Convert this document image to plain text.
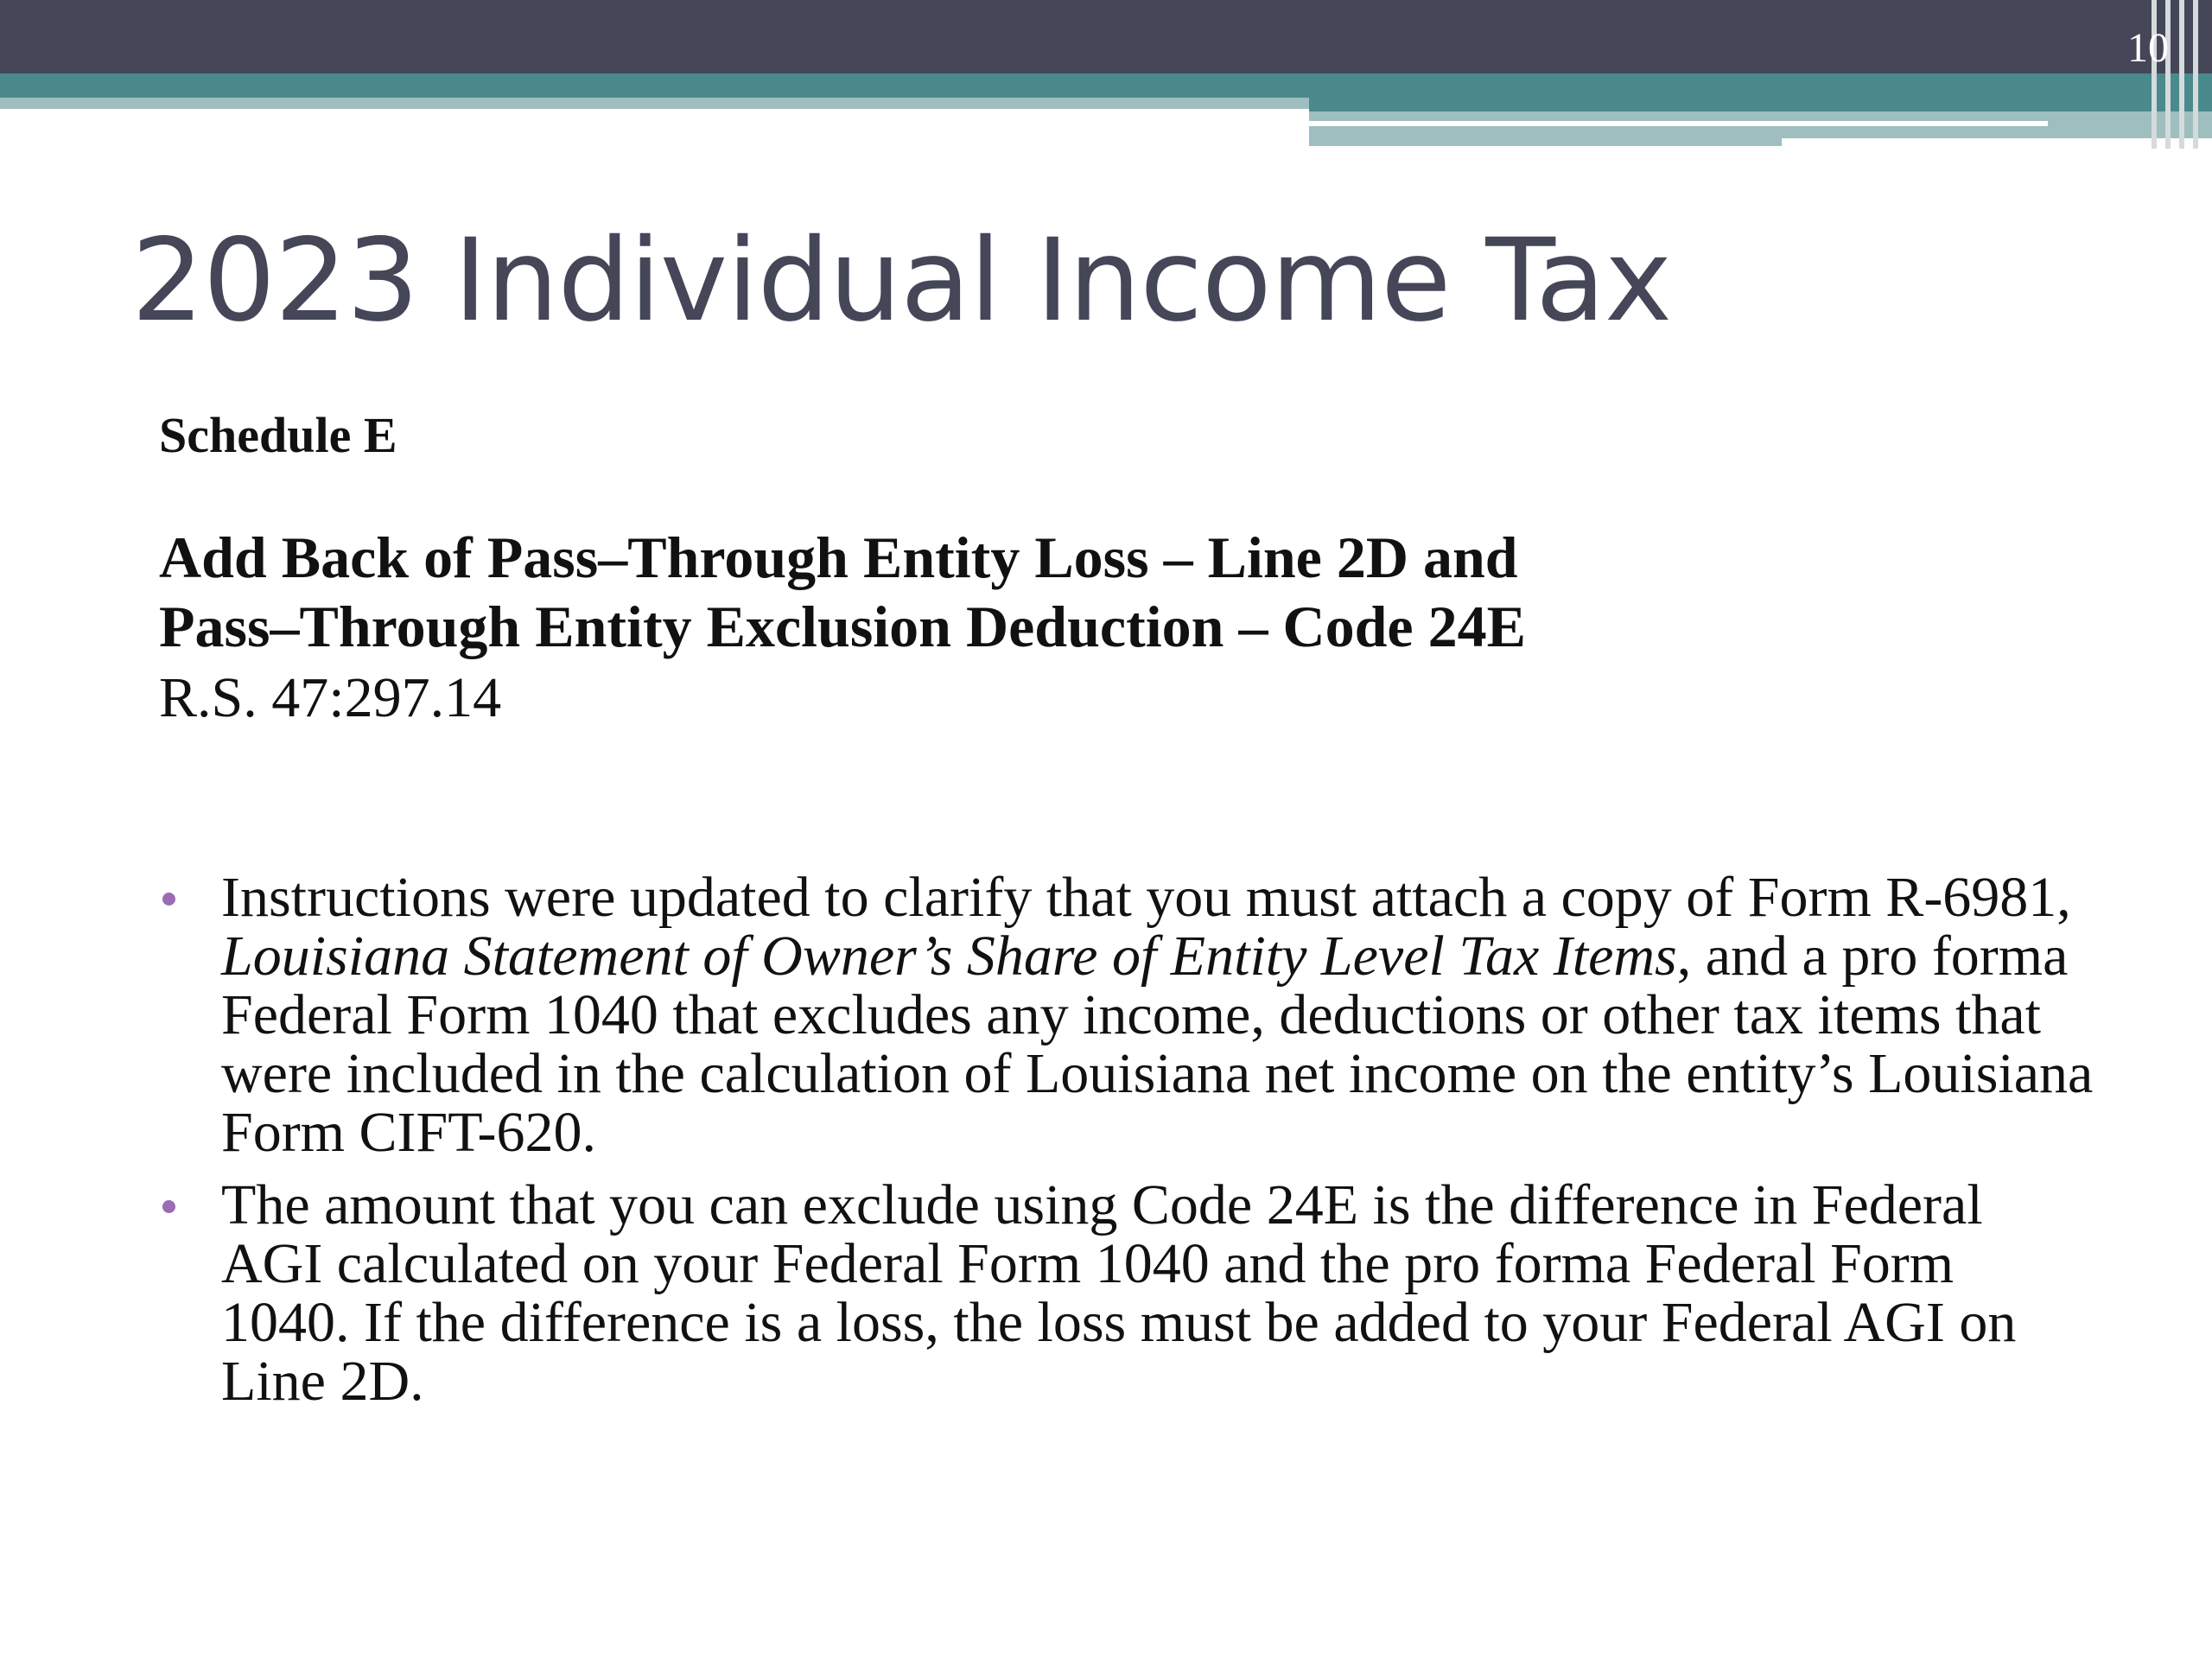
10
2023 Individual Income Tax
Schedule E
Add Back of Pass–Through Entity Loss – Line 2D and
Pass–Through Entity Exclusion Deduction – Code 24E
R.S. 47:297.14
Instructions were updated to clarify that you must attach a copy of Form R-6981, Louisiana Statement of Owner’s Share of Entity Level Tax Items, and a pro forma Federal Form 1040 that excludes any income, deductions or other tax items that were included in the calculation of Louisiana net income on the entity’s Louisiana Form CIFT-620.
The amount that you can exclude using Code 24E is the difference in Federal AGI calculated on your Federal Form 1040 and the pro forma Federal Form 1040. If the difference is a loss, the loss must be added to your Federal AGI on Line 2D.
